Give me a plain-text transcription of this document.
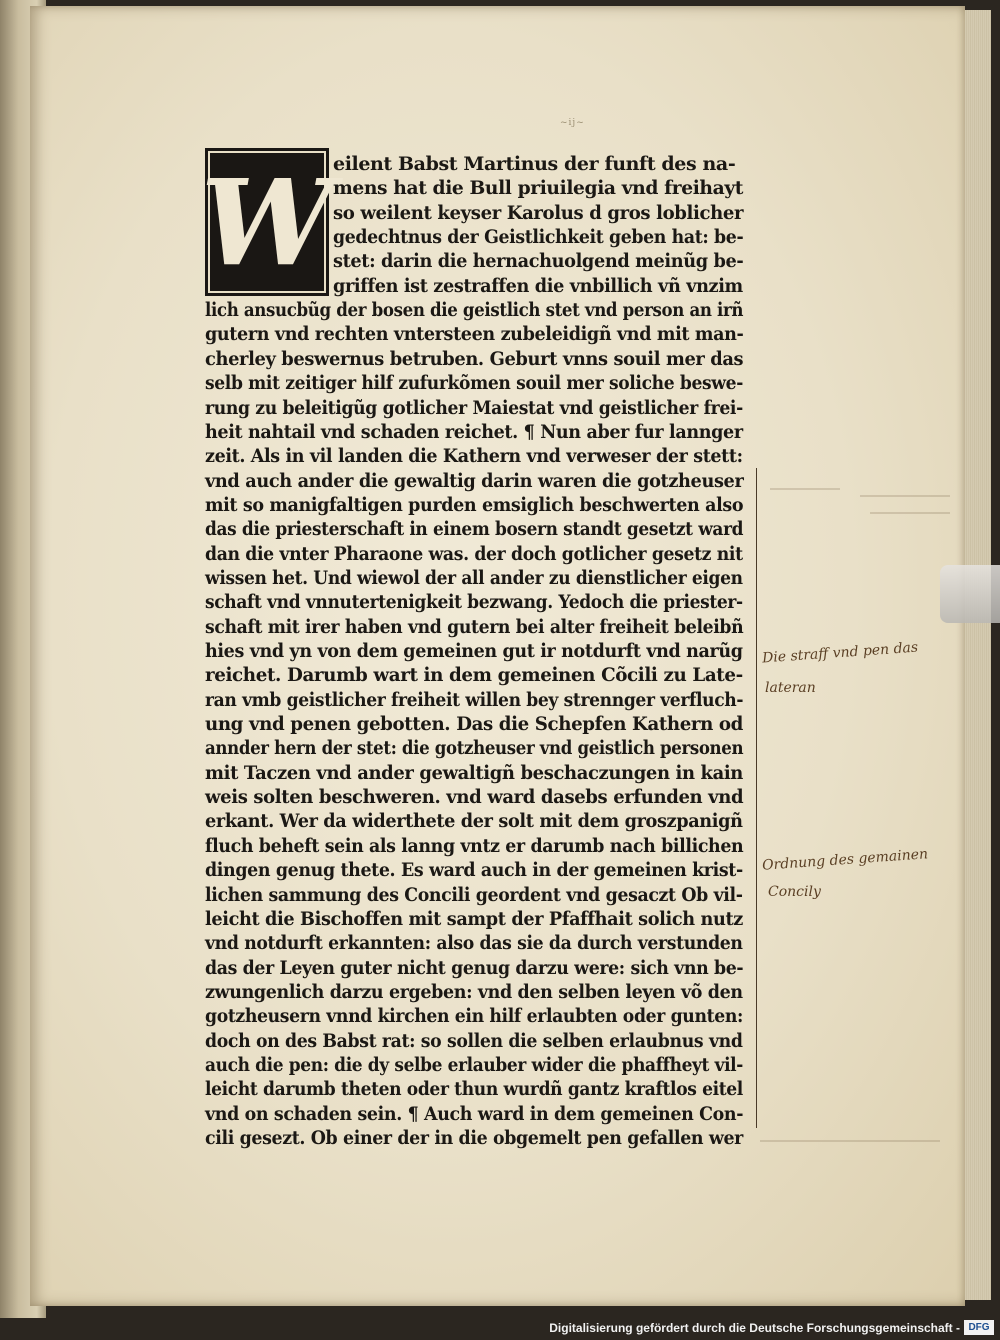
~ij~
W eilent Babst Martinus der funft des na-
mens hat die Bull priuilegia vnd freihayt
so weilent keyser Karolus d gros loblicher
gedechtnus der Geistlichkeit geben hat: be-
stet: darin die hernachuolgend meinũg be-
griffen ist zestraffen die vnbillich vñ vnzim
lich ansucbũg der bosen die geistlich stet vnd person an irñ
gutern vnd rechten vntersteen zubeleidigñ vnd mit man-
cherley beswernus betruben. Geburt vnns souil mer das
selb mit zeitiger hilf zufurkõmen souil mer soliche beswe-
rung zu beleitigũg gotlicher Maiestat vnd geistlicher frei-
heit nahtail vnd schaden reichet. ¶ Nun aber fur lannger
zeit. Als in vil landen die Kathern vnd verweser der stett:
vnd auch ander die gewaltig darin waren die gotzheuser
mit so manigfaltigen purden emsiglich beschwerten also
das die priesterschaft in einem bosern standt gesetzt ward
dan die vnter Pharaone was. der doch gotlicher gesetz nit
wissen het. Und wiewol der all ander zu dienstlicher eigen
schaft vnd vnnutertenigkeit bezwang. Yedoch die priester-
schaft mit irer haben vnd gutern bei alter freiheit beleibñ
hies vnd yn von dem gemeinen gut ir notdurft vnd narũg
reichet. Darumb wart in dem gemeinen Cõcili zu Late-
ran vmb geistlicher freiheit willen bey strennger verfluch-
ung vnd penen gebotten. Das die Schepfen Kathern od
annder hern der stet: die gotzheuser vnd geistlich personen
mit Taczen vnd ander gewaltigñ beschaczungen in kain
weis solten beschweren. vnd ward dasebs erfunden vnd
erkant. Wer da widerthete der solt mit dem groszpanigñ
fluch beheft sein als lanng vntz er darumb nach billichen
dingen genug thete. Es ward auch in der gemeinen krist-
lichen sammung des Concili geordent vnd gesaczt Ob vil-
leicht die Bischoffen mit sampt der Pfaffhait solich nutz
vnd notdurft erkannten: also das sie da durch verstunden
das der Leyen guter nicht genug darzu were: sich vnn be-
zwungenlich darzu ergeben: vnd den selben leyen võ den
gotzheusern vnnd kirchen ein hilf erlaubten oder gunten:
doch on des Babst rat: so sollen die selben erlaubnus vnd
auch die pen: die dy selbe erlauber wider die phaffheyt vil-
leicht darumb theten oder thun wurdñ gantz kraftlos eitel
vnd on schaden sein. ¶ Auch ward in dem gemeinen Con-
cili gesezt. Ob einer der in die obgemelt pen gefallen wer
Die straff vnd pen das
lateran
Ordnung des gemainen
Concily
Digitalisierung gefördert durch die Deutsche Forschungsgemeinschaft - DFG
